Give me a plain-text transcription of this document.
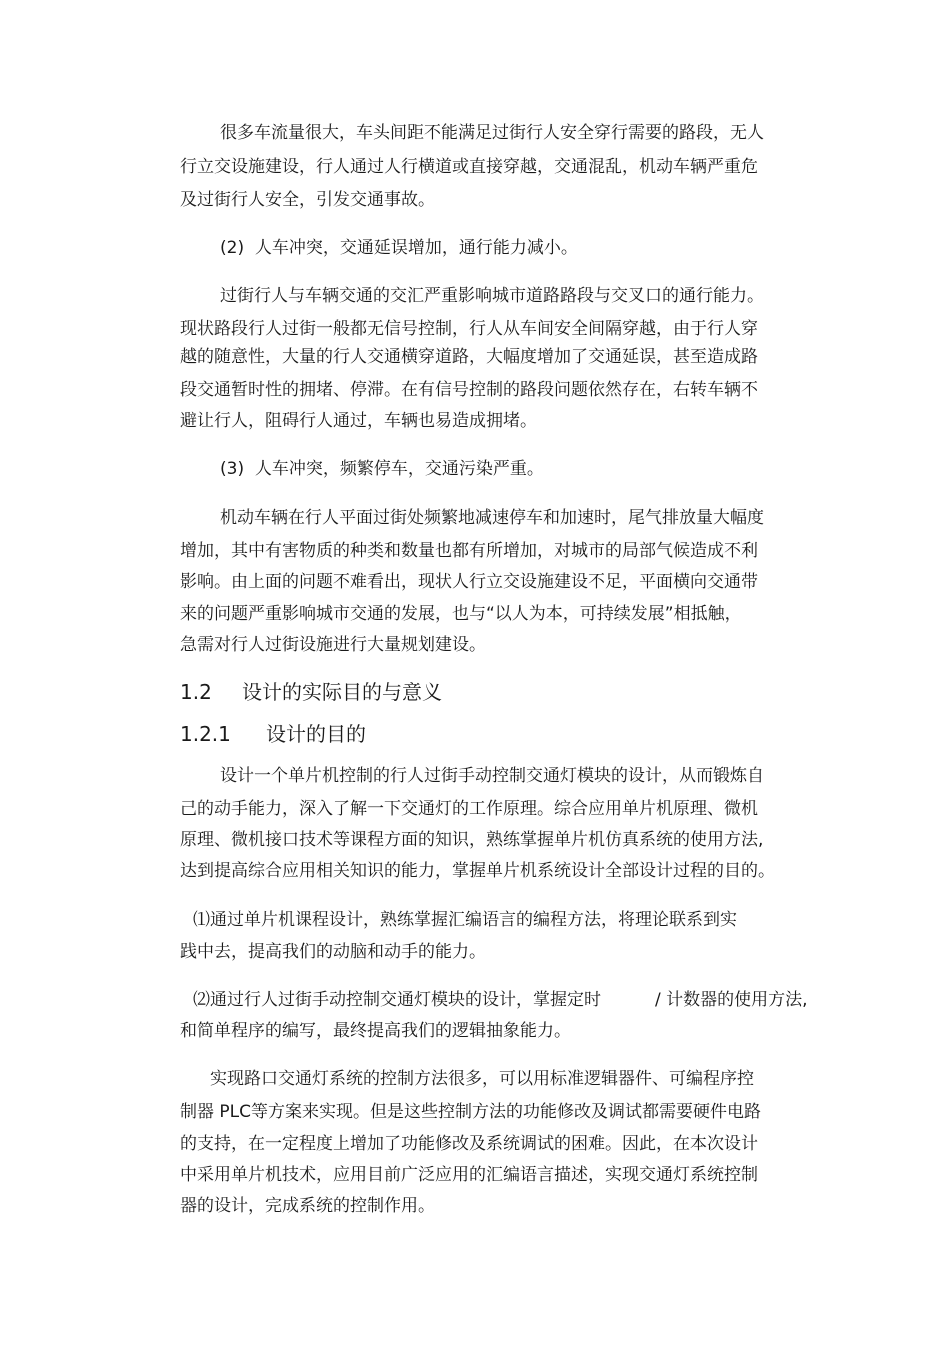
很多车流量很大，车头间距不能满足过街行人安全穿行需要的路段，无人
行立交设施建设，行人通过人行横道或直接穿越，交通混乱，机动车辆严重危
及过街行人安全，引发交通事故。
(2) 人车冲突，交通延误增加，通行能力减小。
过街行人与车辆交通的交汇严重影响城市道路路段与交叉口的通行能力。
现状路段行人过街一般都无信号控制，行人从车间安全间隔穿越，由于行人穿
越的随意性，大量的行人交通横穿道路，大幅度增加了交通延误，甚至造成路
段交通暂时性的拥堵、停滞。在有信号控制的路段问题依然存在，右转车辆不
避让行人，阻碍行人通过，车辆也易造成拥堵。
(3) 人车冲突，频繁停车，交通污染严重。
机动车辆在行人平面过街处频繁地减速停车和加速时，尾气排放量大幅度
增加，其中有害物质的种类和数量也都有所增加，对城市的局部气候造成不利
影响。由上面的问题不难看出，现状人行立交设施建设不足，平面横向交通带
来的问题严重影响城市交通的发展，也与“以人为本，可持续发展”相抵触，
急需对行人过街设施进行大量规划建设。
1.2 设计的实际目的与意义
1.2.1 设计的目的
设计一个单片机控制的行人过街手动控制交通灯模块的设计，从而锻炼自
己的动手能力，深入了解一下交通灯的工作原理。综合应用单片机原理、微机
原理、微机接口技术等课程方面的知识，熟练掌握单片机仿真系统的使用方法,
达到提高综合应用相关知识的能力，掌握单片机系统设计全部设计过程的目的。
⑴通过单片机课程设计，熟练掌握汇编语言的编程方法，将理论联系到实
践中去，提高我们的动脑和动手的能力。
⑵通过行人过街手动控制交通灯模块的设计，掌握定时	/ 计数器的使用方法,
和简单程序的编写，最终提高我们的逻辑抽象能力。
实现路口交通灯系统的控制方法很多，可以用标准逻辑器件、可编程序控
制器 PLC等方案来实现。但是这些控制方法的功能修改及调试都需要硬件电路
的支持，在一定程度上增加了功能修改及系统调试的困难。因此，在本次设计
中采用单片机技术，应用目前广泛应用的汇编语言描述，实现交通灯系统控制
器的设计，完成系统的控制作用。
